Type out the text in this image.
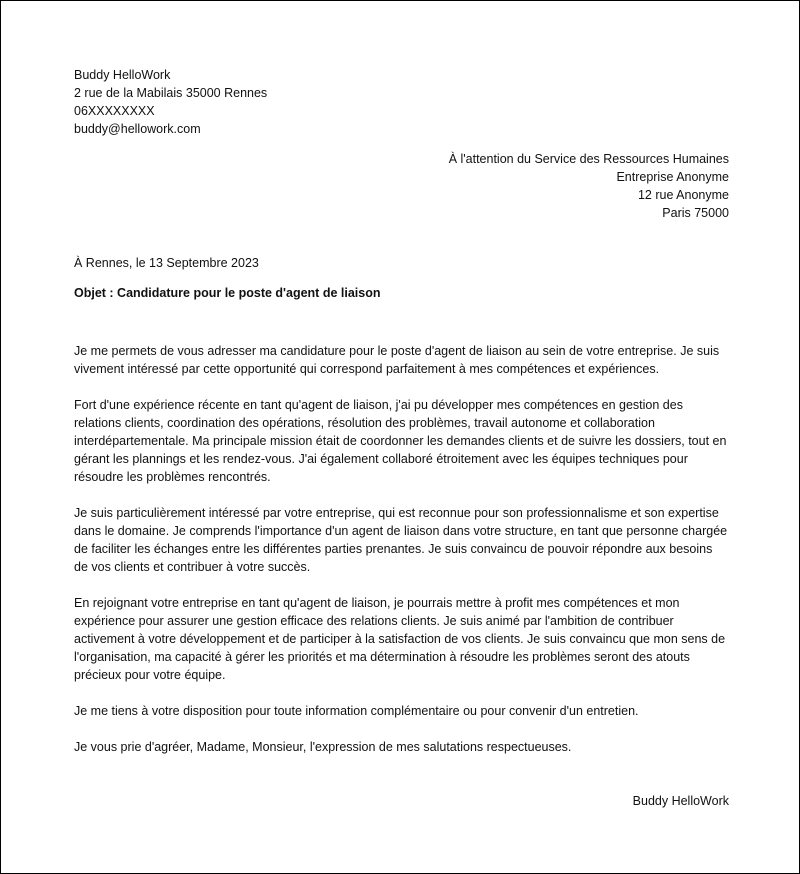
Buddy HelloWork
2 rue de la Mabilais 35000 Rennes
06XXXXXXXX
buddy@hellowork.com
À l'attention du Service des Ressources Humaines
Entreprise Anonyme
12 rue Anonyme
Paris 75000
À Rennes, le 13 Septembre 2023
Objet : Candidature pour le poste d'agent de liaison

Je me permets de vous adresser ma candidature pour le poste d'agent de liaison au sein de votre entreprise. Je suis vivement intéressé par cette opportunité qui correspond parfaitement à mes compétences et expériences.

Fort d'une expérience récente en tant qu'agent de liaison, j'ai pu développer mes compétences en gestion des relations clients, coordination des opérations, résolution des problèmes, travail autonome et collaboration interdépartementale. Ma principale mission était de coordonner les demandes clients et de suivre les dossiers, tout en gérant les plannings et les rendez-vous. J'ai également collaboré étroitement avec les équipes techniques pour résoudre les problèmes rencontrés.

Je suis particulièrement intéressé par votre entreprise, qui est reconnue pour son professionnalisme et son expertise dans le domaine. Je comprends l'importance d'un agent de liaison dans votre structure, en tant que personne chargée de faciliter les échanges entre les différentes parties prenantes. Je suis convaincu de pouvoir répondre aux besoins de vos clients et contribuer à votre succès.

En rejoignant votre entreprise en tant qu'agent de liaison, je pourrais mettre à profit mes compétences et mon expérience pour assurer une gestion efficace des relations clients. Je suis animé par l'ambition de contribuer activement à votre développement et de participer à la satisfaction de vos clients. Je suis convaincu que mon sens de l'organisation, ma capacité à gérer les priorités et ma détermination à résoudre les problèmes seront des atouts précieux pour votre équipe.

Je me tiens à votre disposition pour toute information complémentaire ou pour convenir d'un entretien.

Je vous prie d'agréer, Madame, Monsieur, l'expression de mes salutations respectueuses.

Buddy HelloWork
